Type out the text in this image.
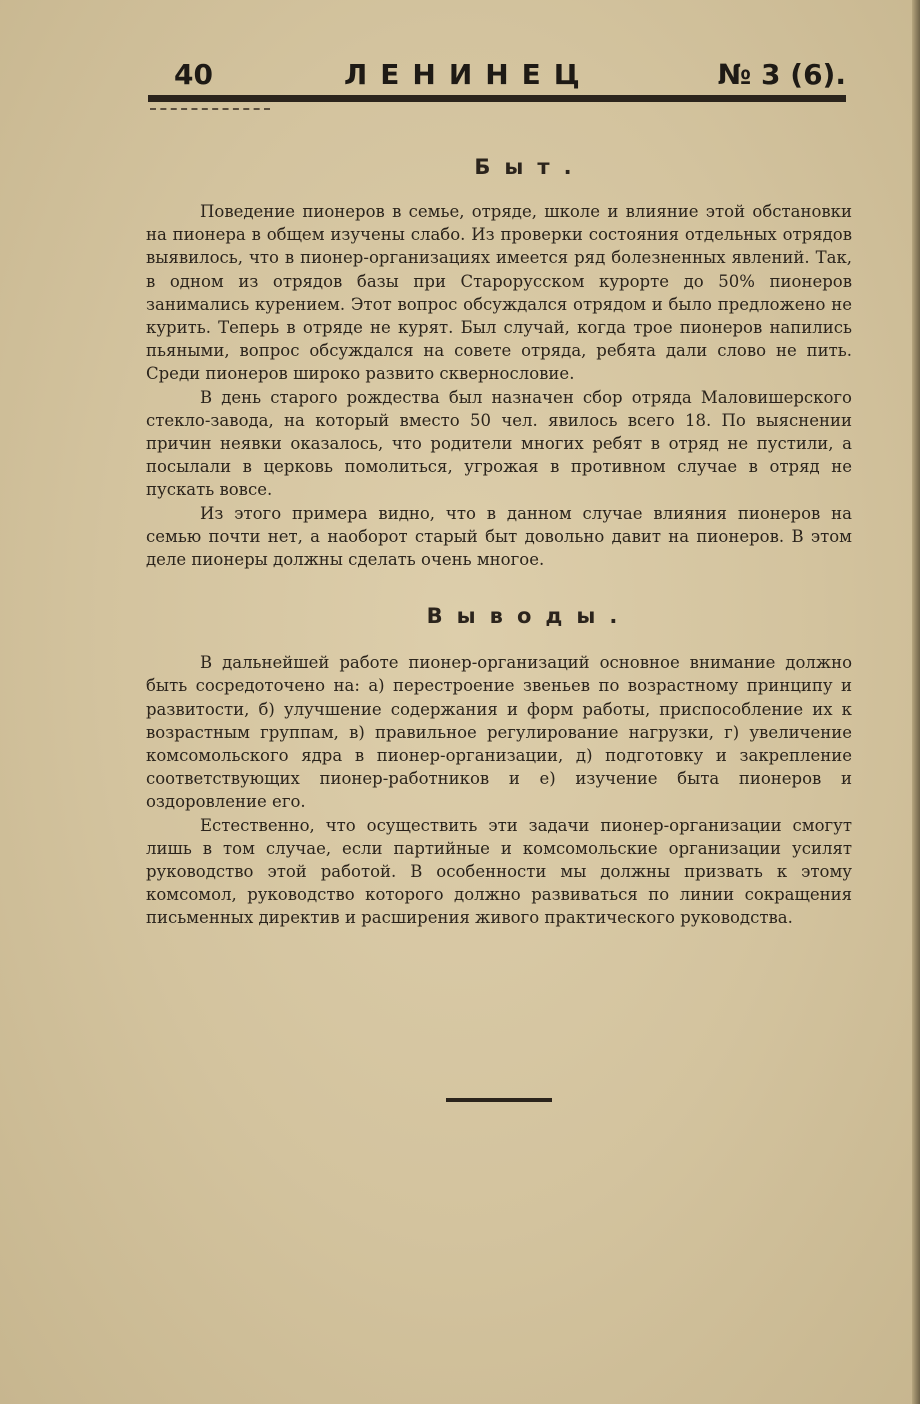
40	ЛЕНИНЕЦ	№ 3 (6).
Быт.

Поведение пионеров в семье, отряде, школе и влияние этой обстановки на пионера в общем изучены слабо. Из проверки состояния отдельных отрядов выявилось, что в пионер-организациях имеется ряд болезненных явлений. Так, в одном из отрядов базы при Старорусском курорте до 50% пионеров занимались курением. Этот вопрос обсуждался отрядом и было предложено не курить. Теперь в отряде не курят. Был случай, когда трое пионеров напились пьяными, вопрос обсуждался на совете отряда, ребята дали слово не пить. Среди пионеров широко развито сквернословие.

В день старого рождества был назначен сбор отряда Маловишерского стекло-завода, на который вместо 50 чел. явилось всего 18. По выяснении причин неявки оказалось, что родители многих ребят в отряд не пустили, а посылали в церковь помолиться, угрожая в противном случае в отряд не пускать вовсе.

Из этого примера видно, что в данном случае влияния пионеров на семью почти нет, а наоборот старый быт довольно давит на пионеров. В этом деле пионеры должны сделать очень многое.

Выводы.

В дальнейшей работе пионер-организаций основное внимание должно быть сосредоточено на: а) перестроение звеньев по возрастному принципу и развитости, б) улучшение содержания и форм работы, приспособление их к возрастным группам, в) правильное регулирование нагрузки, г) увеличение комсомольского ядра в пионер-организации, д) подготовку и закрепление соответствующих пионер-работников и е) изучение быта пионеров и оздоровление его.

Естественно, что осуществить эти задачи пионер-организации смогут лишь в том случае, если партийные и комсомольские организации усилят руководство этой работой. В особенности мы должны призвать к этому комсомол, руководство которого должно развиваться по линии сокращения письменных директив и расширения живого практического руководства.
